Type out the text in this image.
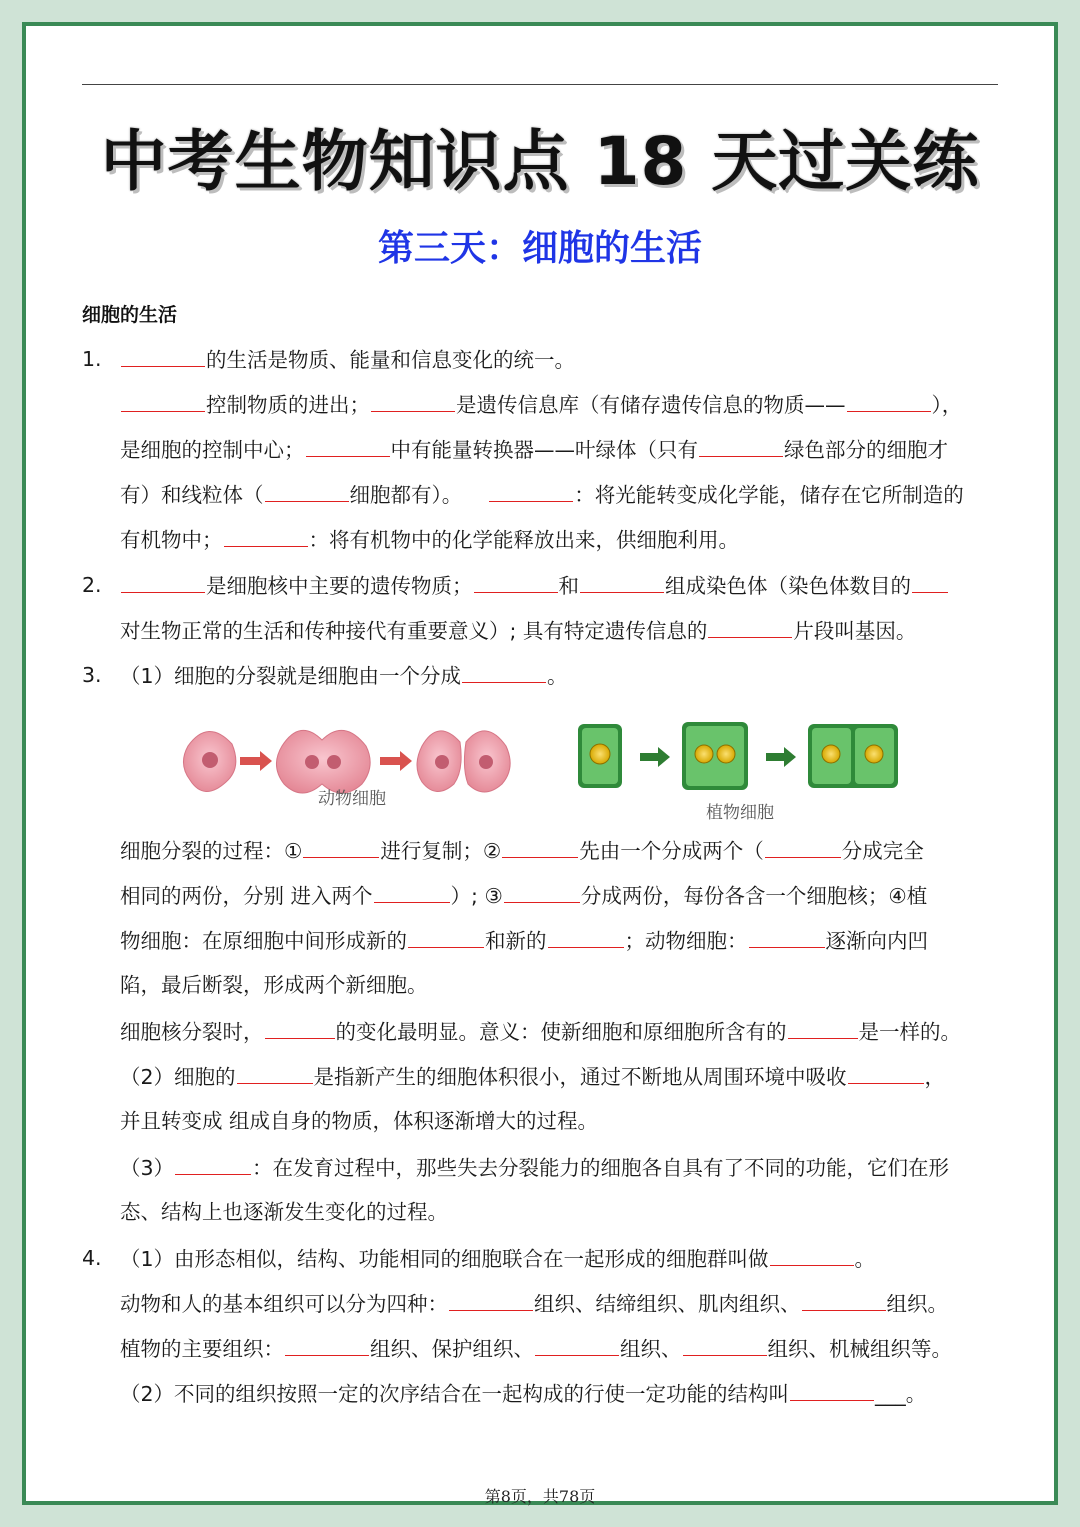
中考生物知识点 18 天过关练
第三天：细胞的生活
细胞的生活
1.	的生活是物质、能量和信息变化的统一。
控制物质的进出；	是遗传信息库（有储存遗传信息的物质——	），
是细胞的控制中心；	中有能量转换器——叶绿体（只有	绿色部分的细胞才
有）和线粒体（	细胞都有）。	：将光能转变成化学能，储存在它所制造的
有机物中；	：将有机物中的化学能释放出来，供细胞利用。
2.	是细胞核中主要的遗传物质；	和	组成染色体（染色体数目的
对生物正常的生活和传种接代有重要意义）; 具有特定遗传信息的	片段叫基因。
3. （1）细胞的分裂就是细胞由一个分成	。
动物细胞
植物细胞
细胞分裂的过程：①	进行复制；②	先由一个分成两个（	分成完全
相同的两份，分别 进入两个	）; ③	分成两份，每份各含一个细胞核；④植
物细胞：在原细胞中间形成新的	和新的	；动物细胞：	逐渐向内凹
陷，最后断裂，形成两个新细胞。
细胞核分裂时，	的变化最明显。意义：使新细胞和原细胞所含有的	是一样的。
（2）细胞的	是指新产生的细胞体积很小，通过不断地从周围环境中吸收	，
并且转变成 组成自身的物质，体积逐渐增大的过程。
（3）	：在发育过程中，那些失去分裂能力的细胞各自具有了不同的功能，它们在形
态、结构上也逐渐发生变化的过程。
4. （1）由形态相似，结构、功能相同的细胞联合在一起形成的细胞群叫做	。
动物和人的基本组织可以分为四种：	组织、结缔组织、肌肉组织、	组织。
植物的主要组织：	组织、保护组织、	组织、	组织、机械组织等。
（2）不同的组织按照一定的次序结合在一起构成的行使一定功能的结构叫	___。
第8页，共78页
